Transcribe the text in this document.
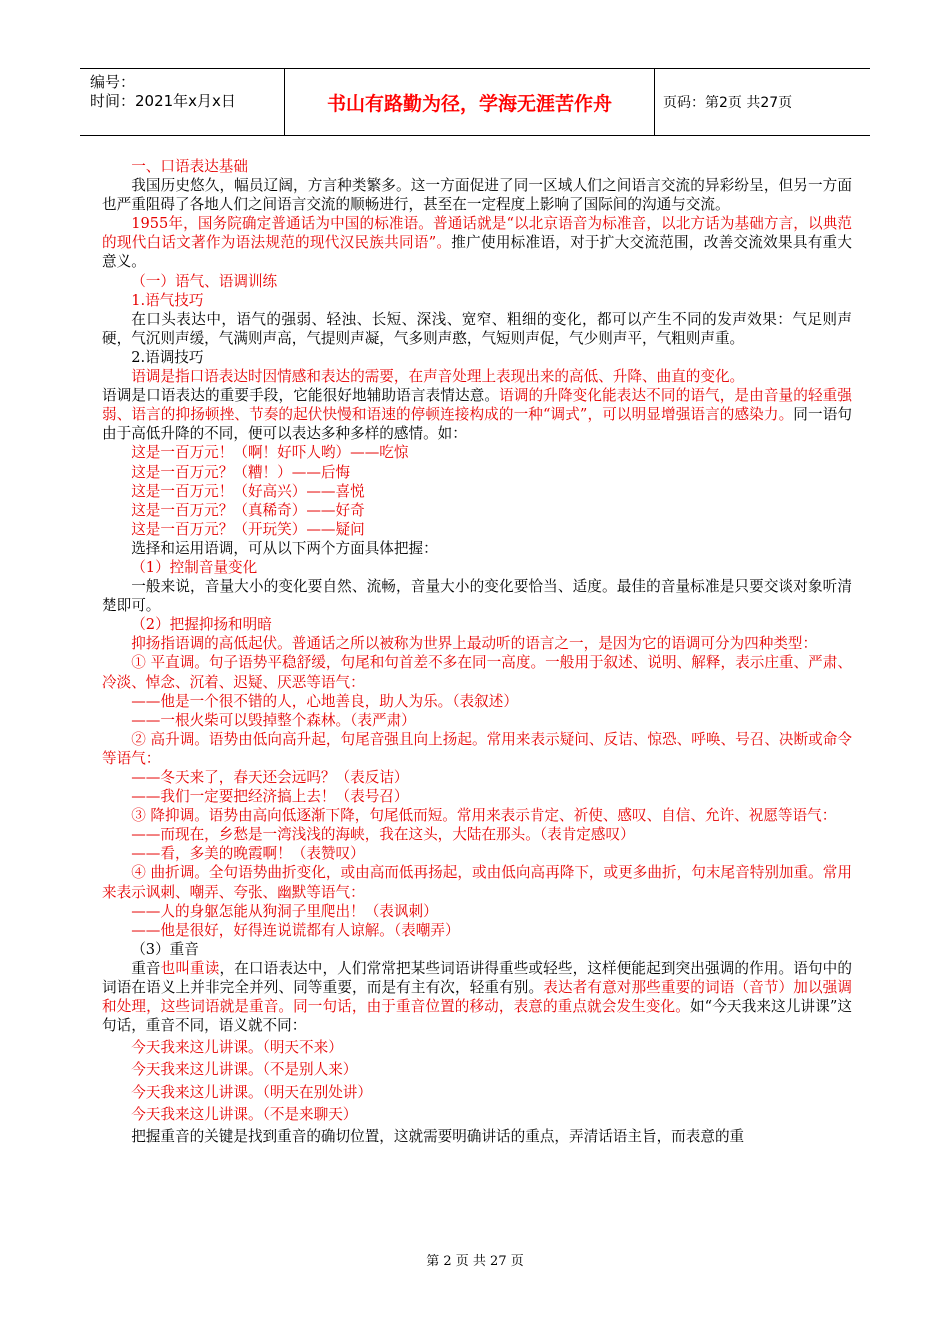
编号：
时间：2021年x月x日	书山有路勤为径，学海无涯苦作舟	页码：第2页 共27页

一、口语表达基础

我国历史悠久，幅员辽阔，方言种类繁多。这一方面促进了同一区域人们之间语言交流的异彩纷呈，但另一方面也严重阻碍了各地人们之间语言交流的顺畅进行，甚至在一定程度上影响了国际间的沟通与交流。

1955年，国务院确定普通话为中国的标准语。普通话就是“以北京语音为标准音，以北方话为基础方言，以典范的现代白话文著作为语法规范的现代汉民族共同语”。推广使用标准语，对于扩大交流范围，改善交流效果具有重大意义。

（一）语气、语调训练

1.语气技巧

在口头表达中，语气的强弱、轻浊、长短、深浅、宽窄、粗细的变化，都可以产生不同的发声效果：气足则声硬，气沉则声缓，气满则声高，气提则声凝，气多则声憨，气短则声促，气少则声平，气粗则声重。

2.语调技巧

语调是指口语表达时因情感和表达的需要，在声音处理上表现出来的高低、升降、曲直的变化。

语调是口语表达的重要手段，它能很好地辅助语言表情达意。语调的升降变化能表达不同的语气，是由音量的轻重强弱、语言的抑扬顿挫、节奏的起伏快慢和语速的停顿连接构成的一种“调式”，可以明显增强语言的感染力。同一语句由于高低升降的不同，便可以表达多种多样的感情。如：

这是一百万元！（啊！好吓人哟）——吃惊

这是一百万元？（糟！）——后悔

这是一百万元！（好高兴）——喜悦

这是一百万元？（真稀奇）——好奇

这是一百万元？（开玩笑）——疑问

选择和运用语调，可从以下两个方面具体把握：

（1）控制音量变化

一般来说，音量大小的变化要自然、流畅，音量大小的变化要恰当、适度。最佳的音量标准是只要交谈对象听清楚即可。

（2）把握抑扬和明暗

抑扬指语调的高低起伏。普通话之所以被称为世界上最动听的语言之一，是因为它的语调可分为四种类型：

① 平直调。句子语势平稳舒缓，句尾和句首差不多在同一高度。一般用于叙述、说明、解释，表示庄重、严肃、冷淡、悼念、沉着、迟疑、厌恶等语气：

——他是一个很不错的人，心地善良，助人为乐。（表叙述）

——一根火柴可以毁掉整个森林。（表严肃）

② 高升调。语势由低向高升起，句尾音强且向上扬起。常用来表示疑问、反诘、惊恐、呼唤、号召、决断或命令等语气：

——冬天来了，春天还会远吗？（表反诘）

——我们一定要把经济搞上去！（表号召）

③ 降抑调。语势由高向低逐渐下降，句尾低而短。常用来表示肯定、祈使、感叹、自信、允许、祝愿等语气：

——而现在，乡愁是一湾浅浅的海峡，我在这头，大陆在那头。（表肯定感叹）

——看，多美的晚霞啊！（表赞叹）

④ 曲折调。全句语势曲折变化，或由高而低再扬起，或由低向高再降下，或更多曲折，句末尾音特别加重。常用来表示讽刺、嘲弄、夸张、幽默等语气：

——人的身躯怎能从狗洞子里爬出！（表讽刺）

——他是很好，好得连说谎都有人谅解。（表嘲弄）

（3）重音

重音也叫重读，在口语表达中，人们常常把某些词语讲得重些或轻些，这样便能起到突出强调的作用。语句中的词语在语义上并非完全并列、同等重要，而是有主有次，轻重有别。表达者有意对那些重要的词语（音节）加以强调和处理，这些词语就是重音。同一句话，由于重音位置的移动，表意的重点就会发生变化。如“今天我来这儿讲课”这句话，重音不同，语义就不同：

今天我来这儿讲课。（明天不来）

今天我来这儿讲课。（不是别人来）

今天我来这儿讲课。（明天在别处讲）

今天我来这儿讲课。（不是来聊天）

把握重音的关键是找到重音的确切位置，这就需要明确讲话的重点，弄清话语主旨，而表意的重

第 2 页 共 27 页
